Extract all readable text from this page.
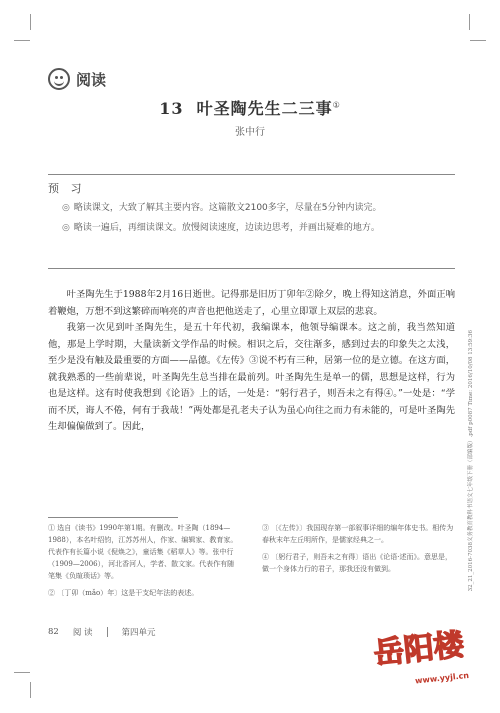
阅读
13 叶圣陶先生二三事①
张中行
预 习

◎ 略读课文，大致了解其主要内容。这篇散文2100多字，尽量在5分钟内读完。

◎ 略读一遍后，再细读课文。放慢阅读速度，边读边思考，并画出疑难的地方。

叶圣陶先生于1988年2月16日逝世。记得那是旧历丁卯年②除夕，晚上得知这消息，外面正响着鞭炮，万想不到这繁碎而响亮的声音也把他送走了，心里立即罩上双层的悲哀。

我第一次见到叶圣陶先生，是五十年代初，我编课本，他领导编课本。这之前，我当然知道他，那是上学时期，大量读新文学作品的时候。相识之后，交往渐多，感到过去的印象失之太浅，至少是没有触及最重要的方面——品德。《左传》③说不朽有三种，居第一位的是立德。在这方面，就我熟悉的一些前辈说，叶圣陶先生总当排在最前列。叶圣陶先生是单一的儒，思想是这样，行为也是这样。这有时使我想到《论语》上的话，一处是：“躬行君子，则吾未之有得④。”一处是：“学而不厌，诲人不倦，何有于我哉！”两处都是孔老夫子认为虽心向往之而力有未能的，可是叶圣陶先生却偏偏做到了。因此，

① 选自《读书》1990年第1期。有删改。叶圣陶（1894—1988），本名叶绍钧，江苏苏州人，作家、编辑家、教育家。代表作有长篇小说《倪焕之》，童话集《稻草人》等。张中行（1909—2006），河北香河人，学者、散文家。代表作有随笔集《负暄琐话》等。
② 〔丁卯（mǎo）年〕这是干支纪年法的表述。
③ 〔《左传》〕我国现存第一部叙事详细的编年体史书。相传为春秋末年左丘明所作，是儒家经典之一。
④ 〔躬行君子，则吾未之有得〕语出《论语·述而》。意思是，做一个身体力行的君子，那我还没有做到。
82 阅 读	第四单元
32_21_2016-7038义务教育教科书语文七年级下册（部编版）.pdf p0087 Time: 2016/10/08 13:59:36
岳阳楼
www.yyjl.cn
